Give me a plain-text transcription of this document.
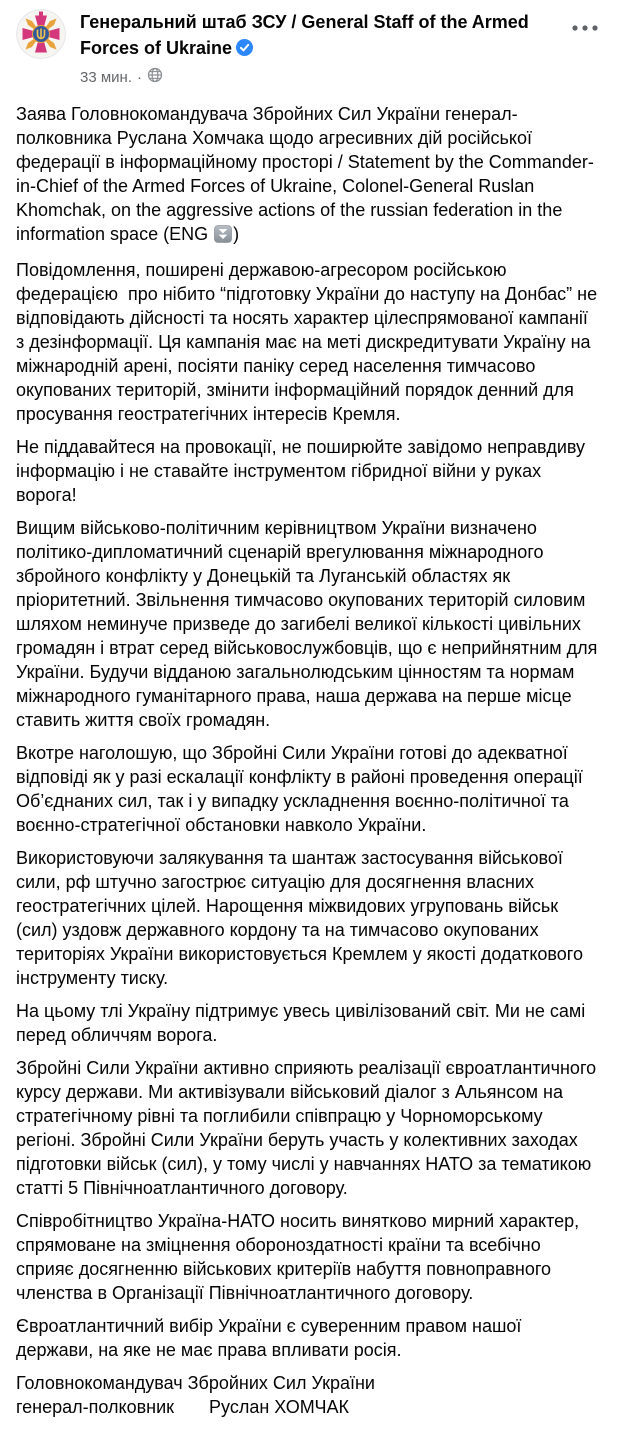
Генеральний штаб ЗСУ / General Staff of the Armed Forces of Ukraine
33 мин. ·

Заява Головнокомандувача Збройних Сил України генерал-полковника Руслана Хомчака щодо агресивних дій російської федерації в інформаційному просторі / Statement by the Commander-in-Chief of the Armed Forces of Ukraine, Colonel-General Ruslan Khomchak, on the aggressive actions of the russian federation in the information space (ENG )

Повідомлення, поширені державою-агресором російською федерацією  про нібито “підготовку України до наступу на Донбас” не відповідають дійсності та носять характер цілеспрямованої кампанії з дезінформації. Ця кампанія має на меті дискредитувати Україну на міжнародній арені, посіяти паніку серед населення тимчасово окупованих територій, змінити інформаційний порядок денний для просування геостратегічних інтересів Кремля.

Не піддавайтеся на провокації, не поширюйте завідомо неправдиву інформацію і не ставайте інструментом гібридної війни у руках ворога!

Вищим військово-політичним керівництвом України визначено політико-дипломатичний сценарій врегулювання міжнародного збройного конфлікту у Донецькій та Луганській областях як пріоритетний. Звільнення тимчасово окупованих територій силовим шляхом неминуче призведе до загибелі великої кількості цивільних громадян і втрат серед військовослужбовців, що є неприйнятним для України. Будучи відданою загальнолюдським цінностям та нормам міжнародного гуманітарного права, наша держава на перше місце ставить життя своїх громадян.

Вкотре наголошую, що Збройні Сили України готові до адекватної відповіді як у разі ескалації конфлікту в районі проведення операції Об’єднаних сил, так і у випадку ускладнення воєнно-політичної та воєнно-стратегічної обстановки навколо України.

Використовуючи залякування та шантаж застосування військової сили, рф штучно загострює ситуацію для досягнення власних геостратегічних цілей. Нарощення міжвидових угруповань військ (сил) уздовж державного кордону та на тимчасово окупованих територіях України використовується Кремлем у якості додаткового інструменту тиску.

На цьому тлі Україну підтримує увесь цивілізований світ. Ми не самі перед обличчям ворога.

Збройні Сили України активно сприяють реалізації євроатлантичного курсу держави. Ми активізували військовий діалог з Альянсом на стратегічному рівні та поглибили співпрацю у Чорноморському регіоні. Збройні Сили України беруть участь у колективних заходах підготовки військ (сил), у тому числі у навчаннях НАТО за тематикою статті 5 Північноатлантичного договору.

Співробітництво Україна-НАТО носить винятково мирний характер, спрямоване на зміцнення обороноздатності країни та всебічно сприяє досягненню військових критеріїв набуття повноправного членства в Організації Північноатлантичного договору.

Євроатлантичний вибір України є суверенним правом нашої держави, на яке не має права впливати росія.

Головнокомандувач Збройних Сил України
генерал-полковник       Руслан ХОМЧАК
